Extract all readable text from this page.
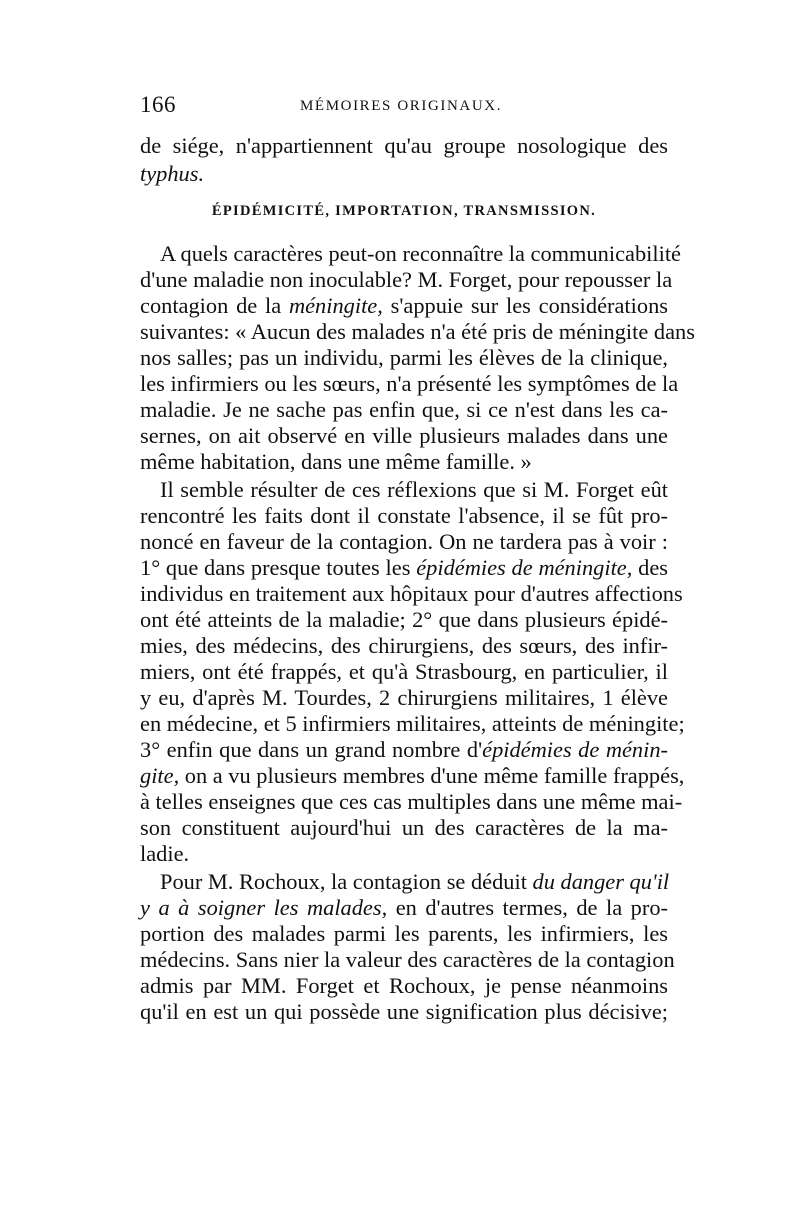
166	MÉMOIRES ORIGINAUX.
de siége, n'appartiennent qu'au groupe nosologique des
typhus.
ÉPIDÉMICITÉ, IMPORTATION, TRANSMISSION.
A quels caractères peut-on reconnaître la communicabilité
d'une maladie non inoculable? M. Forget, pour repousser la
contagion de la méningite, s'appuie sur les considérations
suivantes: « Aucun des malades n'a été pris de méningite dans
nos salles; pas un individu, parmi les élèves de la clinique,
les infirmiers ou les sœurs, n'a présenté les symptômes de la
maladie. Je ne sache pas enfin que, si ce n'est dans les ca-
sernes, on ait observé en ville plusieurs malades dans une
même habitation, dans une même famille. »
Il semble résulter de ces réflexions que si M. Forget eût
rencontré les faits dont il constate l'absence, il se fût pro-
noncé en faveur de la contagion. On ne tardera pas à voir :
1° que dans presque toutes les épidémies de méningite, des
individus en traitement aux hôpitaux pour d'autres affections
ont été atteints de la maladie; 2° que dans plusieurs épidé-
mies, des médecins, des chirurgiens, des sœurs, des infir-
miers, ont été frappés, et qu'à Strasbourg, en particulier, il
y eu, d'après M. Tourdes, 2 chirurgiens militaires, 1 élève
en médecine, et 5 infirmiers militaires, atteints de méningite;
3° enfin que dans un grand nombre d'épidémies de ménin-
gite, on a vu plusieurs membres d'une même famille frappés,
à telles enseignes que ces cas multiples dans une même mai-
son constituent aujourd'hui un des caractères de la ma-
ladie.
Pour M. Rochoux, la contagion se déduit du danger qu'il
y a à soigner les malades, en d'autres termes, de la pro-
portion des malades parmi les parents, les infirmiers, les
médecins. Sans nier la valeur des caractères de la contagion
admis par MM. Forget et Rochoux, je pense néanmoins
qu'il en est un qui possède une signification plus décisive;
